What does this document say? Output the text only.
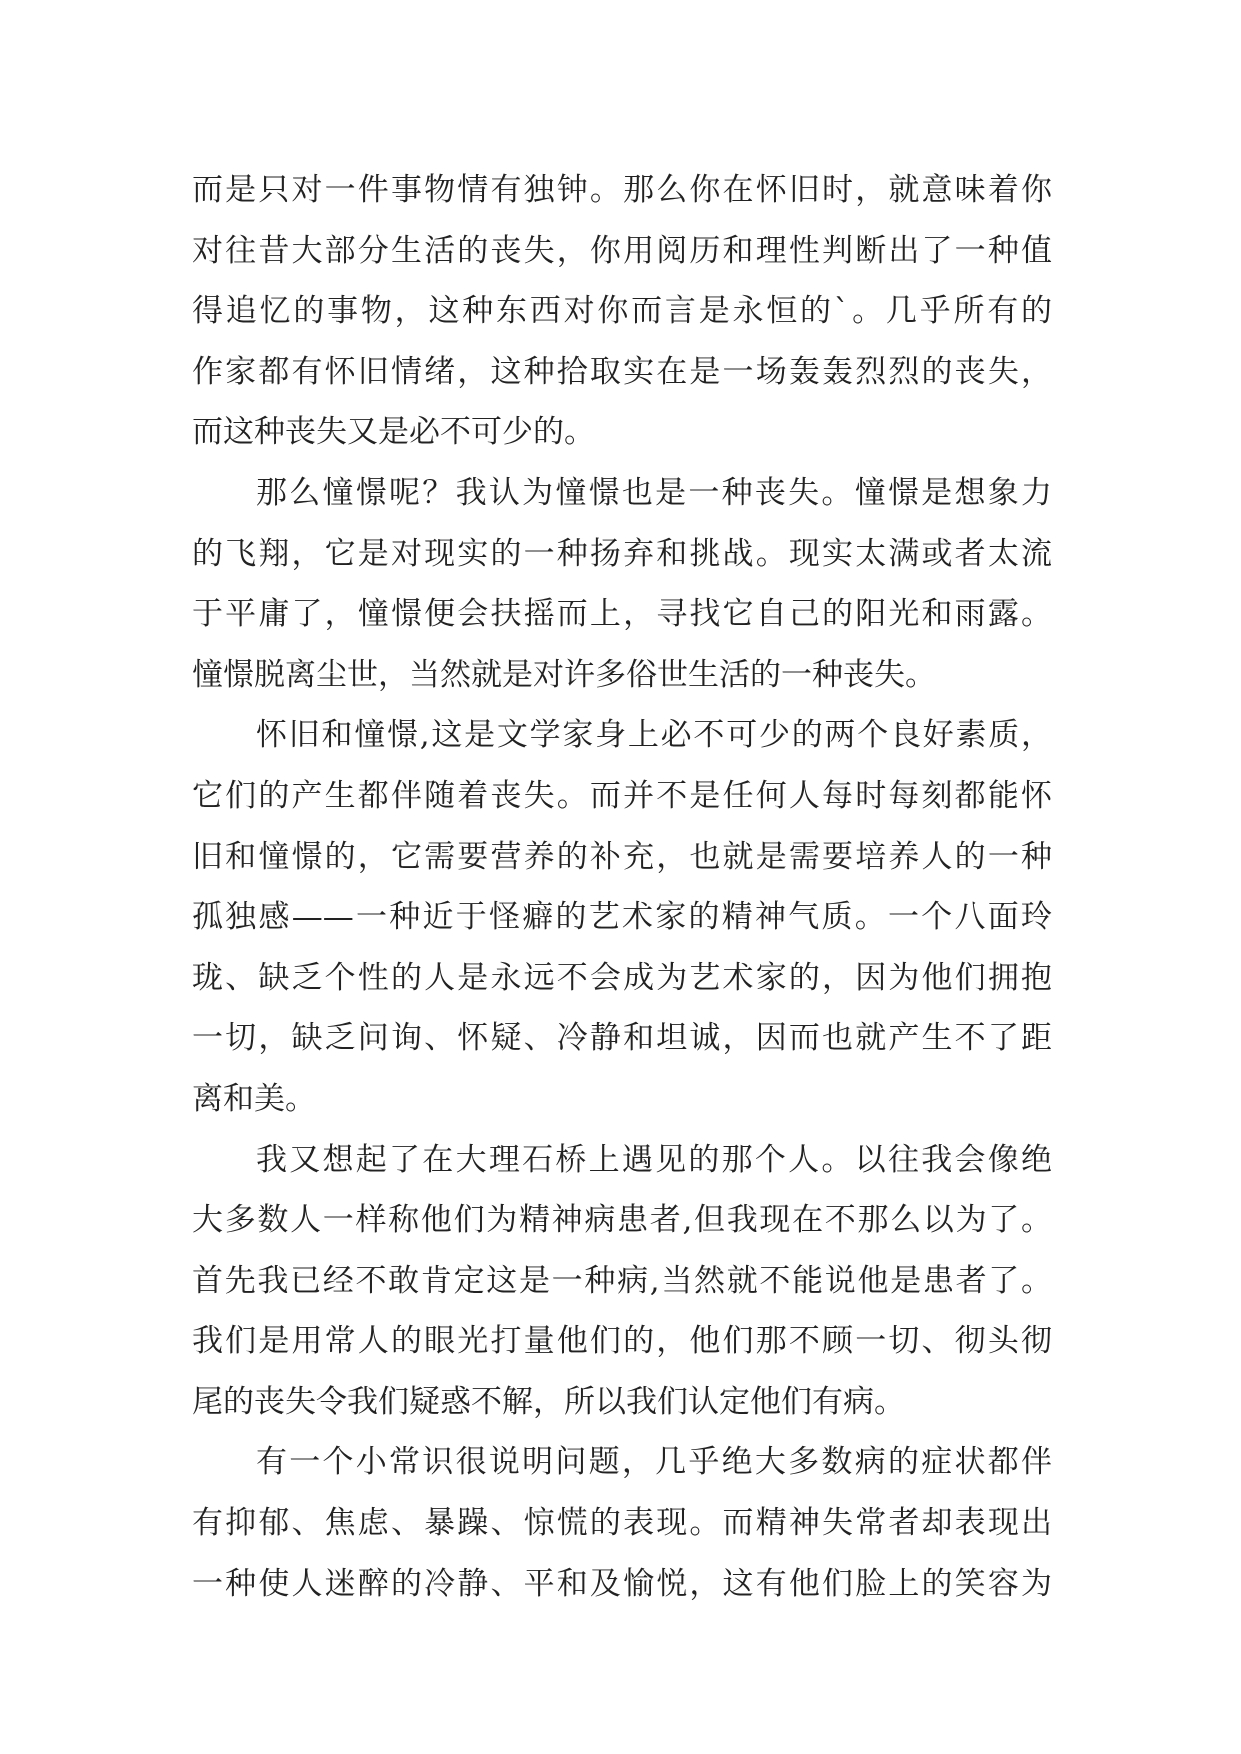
而是只对一件事物情有独钟。那么你在怀旧时，就意味着你
对往昔大部分生活的丧失，你用阅历和理性判断出了一种值
得追忆的事物，这种东西对你而言是永恒的`。几乎所有的
作家都有怀旧情绪，这种拾取实在是一场轰轰烈烈的丧失，
而这种丧失又是必不可少的。
那么憧憬呢？我认为憧憬也是一种丧失。憧憬是想象力
的飞翔，它是对现实的一种扬弃和挑战。现实太满或者太流
于平庸了，憧憬便会扶摇而上，寻找它自己的阳光和雨露。
憧憬脱离尘世，当然就是对许多俗世生活的一种丧失。
怀旧和憧憬,这是文学家身上必不可少的两个良好素质，
它们的产生都伴随着丧失。而并不是任何人每时每刻都能怀
旧和憧憬的，它需要营养的补充，也就是需要培养人的一种
孤独感——一种近于怪癖的艺术家的精神气质。一个八面玲
珑、缺乏个性的人是永远不会成为艺术家的，因为他们拥抱
一切，缺乏问询、怀疑、冷静和坦诚，因而也就产生不了距
离和美。
我又想起了在大理石桥上遇见的那个人。以往我会像绝
大多数人一样称他们为精神病患者,但我现在不那么以为了。
首先我已经不敢肯定这是一种病,当然就不能说他是患者了。
我们是用常人的眼光打量他们的，他们那不顾一切、彻头彻
尾的丧失令我们疑惑不解，所以我们认定他们有病。
有一个小常识很说明问题，几乎绝大多数病的症状都伴
有抑郁、焦虑、暴躁、惊慌的表现。而精神失常者却表现出
一种使人迷醉的冷静、平和及愉悦，这有他们脸上的笑容为
